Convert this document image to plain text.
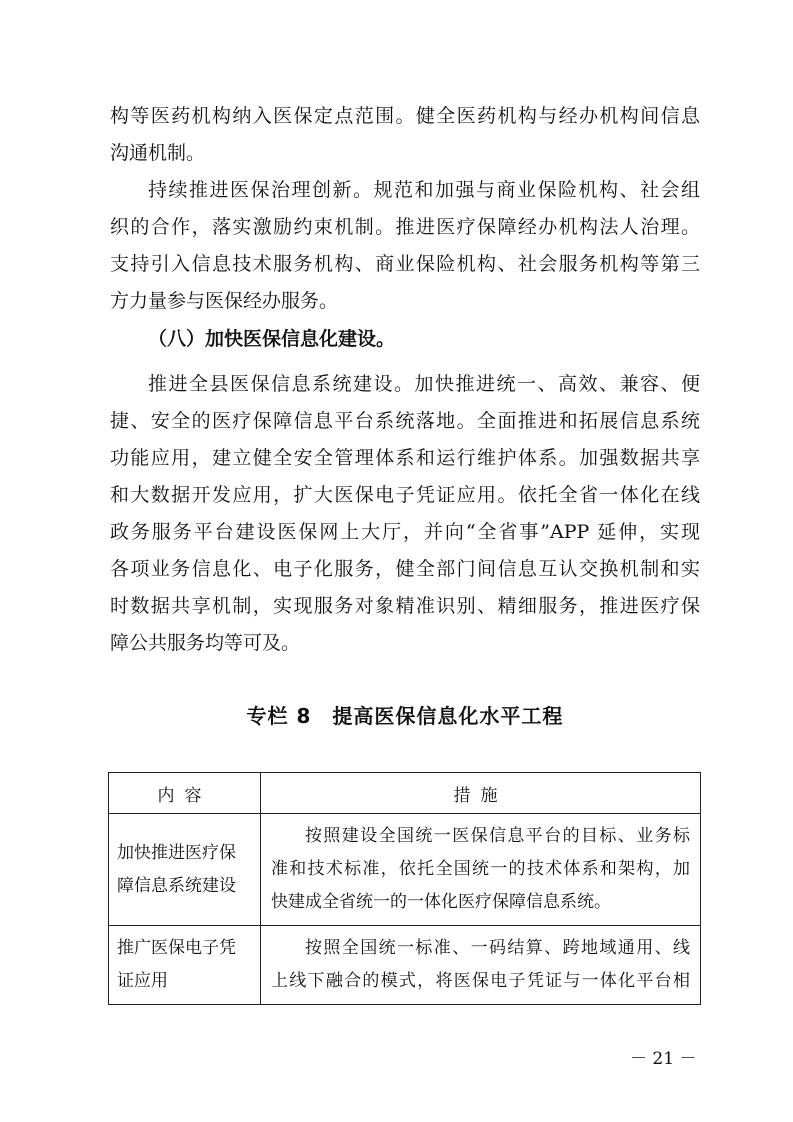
构等医药机构纳入医保定点范围。健全医药机构与经办机构间信息
沟通机制。
持续推进医保治理创新。规范和加强与商业保险机构、社会组
织的合作，落实激励约束机制。推进医疗保障经办机构法人治理。
支持引入信息技术服务机构、商业保险机构、社会服务机构等第三
方力量参与医保经办服务。
（八）加快医保信息化建设。
推进全县医保信息系统建设。加快推进统一、高效、兼容、便
捷、安全的医疗保障信息平台系统落地。全面推进和拓展信息系统
功能应用，建立健全安全管理体系和运行维护体系。加强数据共享
和大数据开发应用，扩大医保电子凭证应用。依托全省一体化在线
政务服务平台建设医保网上大厅，并向“全省事”APP 延伸，实现
各项业务信息化、电子化服务，健全部门间信息互认交换机制和实
时数据共享机制，实现服务对象精准识别、精细服务，推进医疗保
障公共服务均等可及。
专栏 8　提高医保信息化水平工程
内容	措施

加快推进医疗保
障信息系统建设	按照建设全国统一医保信息平台的目标、业务标
准和技术标准，依托全国统一的技术体系和架构，加
快建成全省统一的一体化医疗保障信息系统。

推广医保电子凭
证应用	按照全国统一标准、一码结算、跨地域通用、线
上线下融合的模式，将医保电子凭证与一体化平台相
－ 21 －
